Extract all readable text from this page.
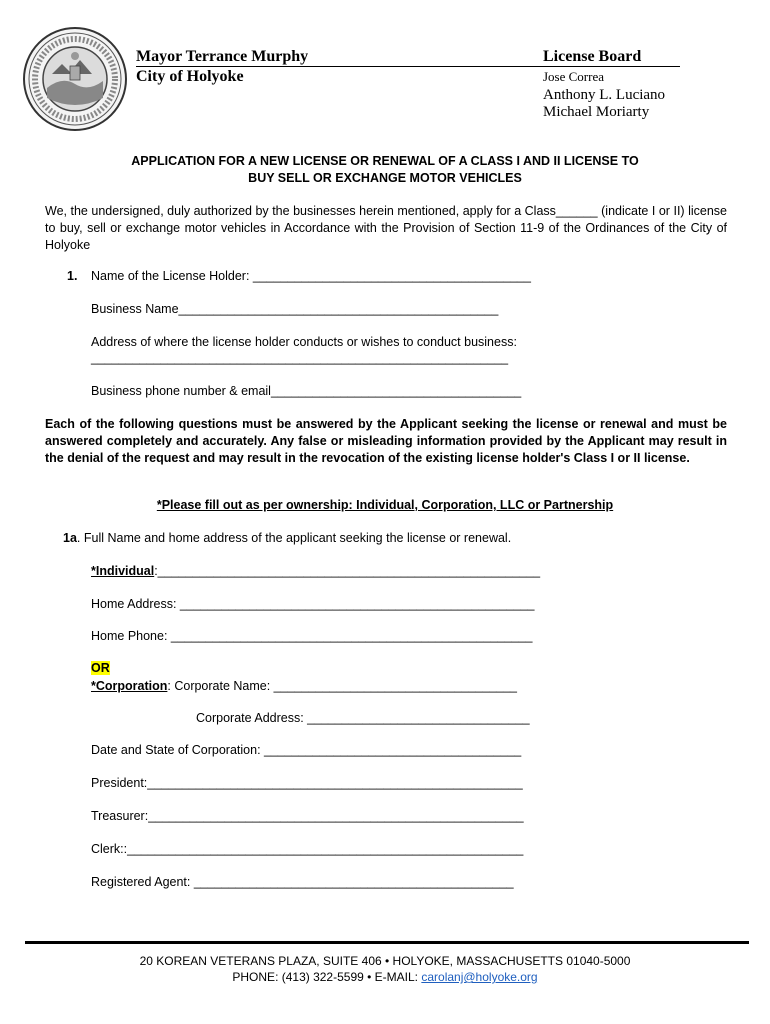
Mayor Terrance Murphy
City of Holyoke
License Board
Jose Correa
Anthony L. Luciano
Michael Moriarty
APPLICATION FOR A NEW LICENSE OR RENEWAL OF A CLASS I AND II LICENSE TO
BUY SELL OR EXCHANGE MOTOR VEHICLES
We, the undersigned, duly authorized by the businesses herein mentioned, apply for a Class______ (indicate I or II) license to buy, sell or exchange motor vehicles in Accordance with the Provision of Section 11-9 of the Ordinances of the City of Holyoke
1. Name of the License Holder: ________________________________________
Business Name______________________________________________
Address of where the license holder conducts or wishes to conduct business:
____________________________________________________________
Business phone number & email____________________________________
Each of the following questions must be answered by the Applicant seeking the license or renewal and must be answered completely and accurately. Any false or misleading information provided by the Applicant may result in the denial of the request and may result in the revocation of the existing license holder's Class I or II license.
*Please fill out as per ownership: Individual, Corporation, LLC or Partnership
1a. Full Name and home address of the applicant seeking the license or renewal.
*Individual:_______________________________________________________
Home Address: ___________________________________________________
Home Phone: ____________________________________________________
OR
*Corporation: Corporate Name: ___________________________________
Corporate Address: ________________________________
Date and State of Corporation: _____________________________________
President:______________________________________________________
Treasurer:______________________________________________________
Clerk::_________________________________________________________
Registered Agent: ______________________________________________
20 KOREAN VETERANS PLAZA, SUITE 406 • HOLYOKE, MASSACHUSETTS 01040-5000
PHONE: (413) 322-5599 • E-MAIL: carolanj@holyoke.org
